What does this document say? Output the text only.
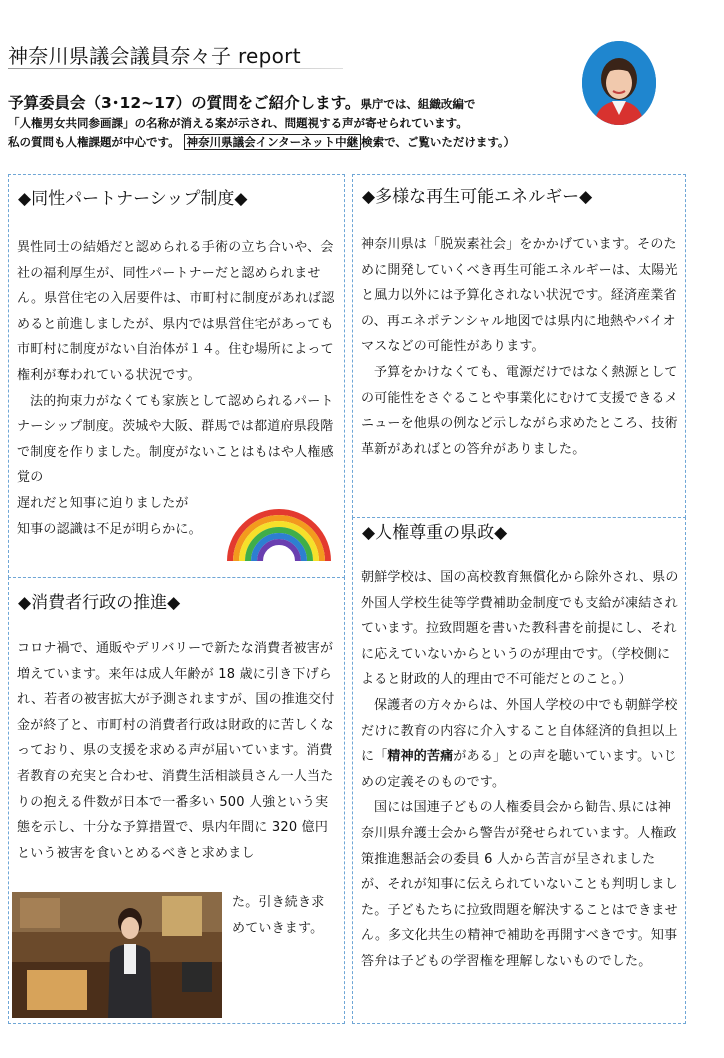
神奈川県議会議員奈々子 report
予算委員会（3･12~17）の質問をご紹介します。県庁では、組織改編で
「人権男女共同参画課」の名称が消える案が示され、問題視する声が寄せられています。
私の質問も人権課題が中心です。 神奈川県議会インターネット中継 検索で、ご覧いただけます。）
◆同性パートナーシップ制度◆

異性同士の結婚だと認められる手術の立ち合いや、会社の福利厚生が、同性パートナーだと認められません。県営住宅の入居要件は、市町村に制度があれば認めると前進しましたが、県内では県営住宅があっても市町村に制度がない自治体が１４。住む場所によって権利が奪われている状況です。

法的拘束力がなくても家族として認められるパートナーシップ制度。茨城や大阪、群馬では都道府県段階で制度を作りました。制度がないことはもはや人権感覚の

遅れだと知事に迫りましたが

知事の認識は不足が明らかに。

◆多様な再生可能エネルギー◆

神奈川県は「脱炭素社会」をかかげています。そのために開発していくべき再生可能エネルギーは、太陽光と風力以外には予算化されない状況です。経済産業省の、再エネポテンシャル地図では県内に地熱やバイオマスなどの可能性があります。

予算をかけなくても、電源だけではなく熱源としての可能性をさぐることや事業化にむけて支援できるメニューを他県の例など示しながら求めたところ、技術革新があればとの答弁がありました。

◆消費者行政の推進◆

コロナ禍で、通販やデリバリーで新たな消費者被害が増えています。来年は成人年齢が 18 歳に引き下げられ、若者の被害拡大が予測されますが、国の推進交付金が終了と、市町村の消費者行政は財政的に苦しくなっており、県の支援を求める声が届いています。消費者教育の充実と合わせ、消費生活相談員さん一人当たりの抱える件数が日本で一番多い 500 人強という実態を示し、十分な予算措置で、県内年間に 320 億円という被害を食いとめるべきと求めまし

た。引き続き求

めていきます。

◆人権尊重の県政◆

朝鮮学校は、国の高校教育無償化から除外され、県の外国人学校生徒等学費補助金制度でも支給が凍結されています。拉致問題を書いた教科書を前提にし、それに応えていないからというのが理由です。（学校側によると財政的人的理由で不可能だとのこと。）

保護者の方々からは、外国人学校の中でも朝鮮学校だけに教育の内容に介入すること自体経済的負担以上に「精神的苦痛がある」との声を聴いています。いじめの定義そのものです。

国には国連子どもの人権委員会から勧告､県には神奈川県弁護士会から警告が発せられています。人権政策推進懇話会の委員 6 人から苦言が呈されましたが、それが知事に伝えられていないことも判明しました。子どもたちに拉致問題を解決することはできません。多文化共生の精神で補助を再開すべきです。知事答弁は子どもの学習権を理解しないものでした。
